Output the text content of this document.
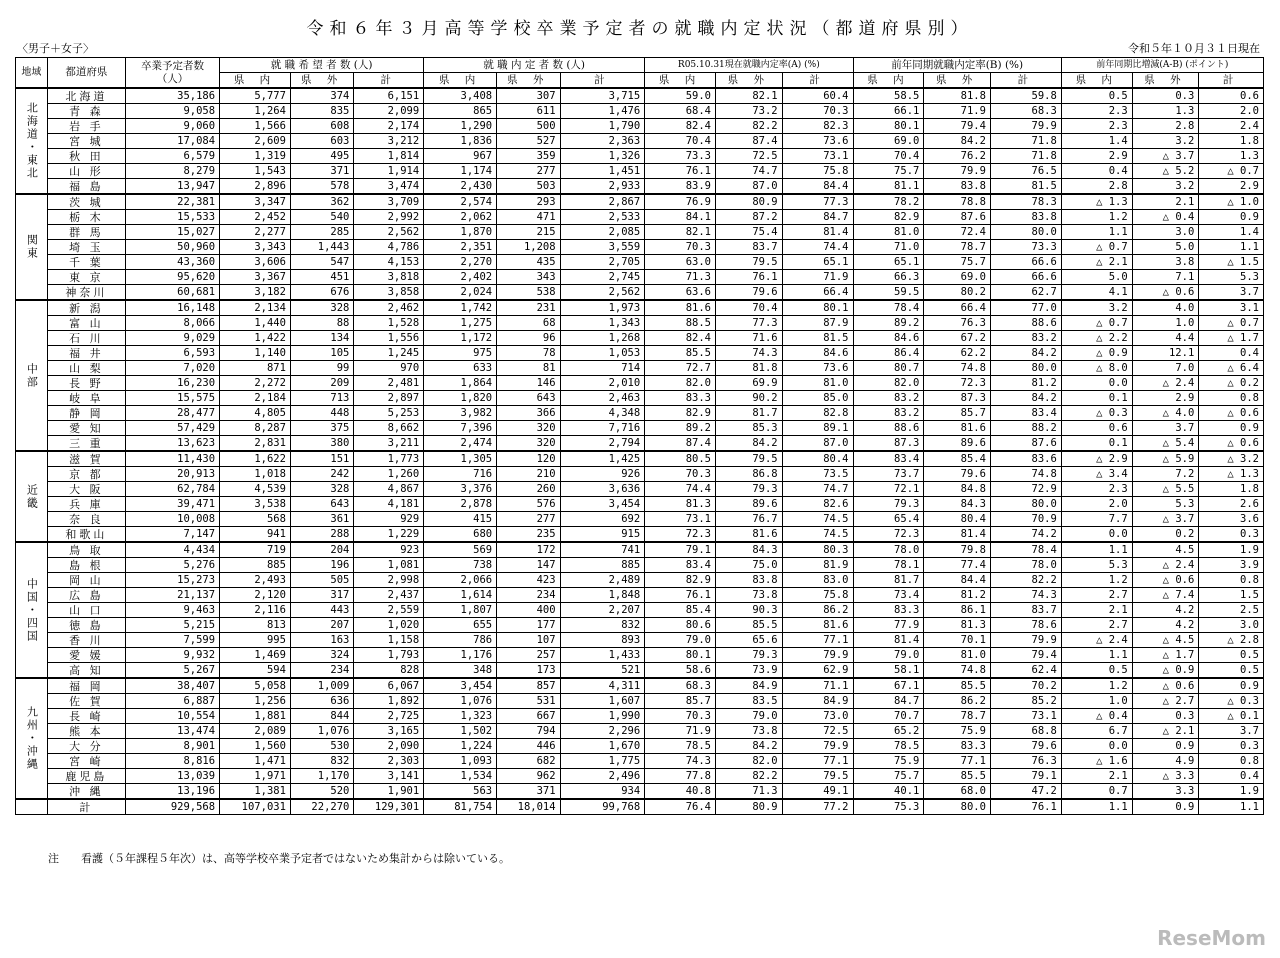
令和６年３月高等学校卒業予定者の就職内定状況（都道府県別）
〈男子＋女子〉	令和５年１０月３１日現在
地域	都道府県	卒業予定者数（人）	就 職 希 望 者 数 (人)			就 職 内 定 者 数 (人)			R05.10.31現在就職内定率(A) (%)			前年同期就職内定率(B) (%)			前年同期比増減(A-B) (ポイント)		
			県 内	県 外	計	県 内	県 外	計	県 内	県 外	計	県 内	県 外	計	県 内	県 外	計
北海道・東北	北海道	35,186	5,777	374	6,151	3,408	307	3,715	59.0	82.1	60.4	58.5	81.8	59.8	0.5	0.3	0.6
	青 森	9,058	1,264	835	2,099	865	611	1,476	68.4	73.2	70.3	66.1	71.9	68.3	2.3	1.3	2.0
	岩 手	9,060	1,566	608	2,174	1,290	500	1,790	82.4	82.2	82.3	80.1	79.4	79.9	2.3	2.8	2.4
	宮 城	17,084	2,609	603	3,212	1,836	527	2,363	70.4	87.4	73.6	69.0	84.2	71.8	1.4	3.2	1.8
	秋 田	6,579	1,319	495	1,814	967	359	1,326	73.3	72.5	73.1	70.4	76.2	71.8	2.9	△ 3.7	1.3
	山 形	8,279	1,543	371	1,914	1,174	277	1,451	76.1	74.7	75.8	75.7	79.9	76.5	0.4	△ 5.2	△ 0.7
	福 島	13,947	2,896	578	3,474	2,430	503	2,933	83.9	87.0	84.4	81.1	83.8	81.5	2.8	3.2	2.9
関東	茨 城	22,381	3,347	362	3,709	2,574	293	2,867	76.9	80.9	77.3	78.2	78.8	78.3	△ 1.3	2.1	△ 1.0
	栃 木	15,533	2,452	540	2,992	2,062	471	2,533	84.1	87.2	84.7	82.9	87.6	83.8	1.2	△ 0.4	0.9
	群 馬	15,027	2,277	285	2,562	1,870	215	2,085	82.1	75.4	81.4	81.0	72.4	80.0	1.1	3.0	1.4
	埼 玉	50,960	3,343	1,443	4,786	2,351	1,208	3,559	70.3	83.7	74.4	71.0	78.7	73.3	△ 0.7	5.0	1.1
	千 葉	43,360	3,606	547	4,153	2,270	435	2,705	63.0	79.5	65.1	65.1	75.7	66.6	△ 2.1	3.8	△ 1.5
	東 京	95,620	3,367	451	3,818	2,402	343	2,745	71.3	76.1	71.9	66.3	69.0	66.6	5.0	7.1	5.3
	神奈川	60,681	3,182	676	3,858	2,024	538	2,562	63.6	79.6	66.4	59.5	80.2	62.7	4.1	△ 0.6	3.7
中部	新 潟	16,148	2,134	328	2,462	1,742	231	1,973	81.6	70.4	80.1	78.4	66.4	77.0	3.2	4.0	3.1
	富 山	8,066	1,440	88	1,528	1,275	68	1,343	88.5	77.3	87.9	89.2	76.3	88.6	△ 0.7	1.0	△ 0.7
	石 川	9,029	1,422	134	1,556	1,172	96	1,268	82.4	71.6	81.5	84.6	67.2	83.2	△ 2.2	4.4	△ 1.7
	福 井	6,593	1,140	105	1,245	975	78	1,053	85.5	74.3	84.6	86.4	62.2	84.2	△ 0.9	12.1	0.4
	山 梨	7,020	871	99	970	633	81	714	72.7	81.8	73.6	80.7	74.8	80.0	△ 8.0	7.0	△ 6.4
	長 野	16,230	2,272	209	2,481	1,864	146	2,010	82.0	69.9	81.0	82.0	72.3	81.2	0.0	△ 2.4	△ 0.2
	岐 阜	15,575	2,184	713	2,897	1,820	643	2,463	83.3	90.2	85.0	83.2	87.3	84.2	0.1	2.9	0.8
	静 岡	28,477	4,805	448	5,253	3,982	366	4,348	82.9	81.7	82.8	83.2	85.7	83.4	△ 0.3	△ 4.0	△ 0.6
	愛 知	57,429	8,287	375	8,662	7,396	320	7,716	89.2	85.3	89.1	88.6	81.6	88.2	0.6	3.7	0.9
	三 重	13,623	2,831	380	3,211	2,474	320	2,794	87.4	84.2	87.0	87.3	89.6	87.6	0.1	△ 5.4	△ 0.6
近畿	滋 賀	11,430	1,622	151	1,773	1,305	120	1,425	80.5	79.5	80.4	83.4	85.4	83.6	△ 2.9	△ 5.9	△ 3.2
	京 都	20,913	1,018	242	1,260	716	210	926	70.3	86.8	73.5	73.7	79.6	74.8	△ 3.4	7.2	△ 1.3
	大 阪	62,784	4,539	328	4,867	3,376	260	3,636	74.4	79.3	74.7	72.1	84.8	72.9	2.3	△ 5.5	1.8
	兵 庫	39,471	3,538	643	4,181	2,878	576	3,454	81.3	89.6	82.6	79.3	84.3	80.0	2.0	5.3	2.6
	奈 良	10,008	568	361	929	415	277	692	73.1	76.7	74.5	65.4	80.4	70.9	7.7	△ 3.7	3.6
	和歌山	7,147	941	288	1,229	680	235	915	72.3	81.6	74.5	72.3	81.4	74.2	0.0	0.2	0.3
中国・四国	鳥 取	4,434	719	204	923	569	172	741	79.1	84.3	80.3	78.0	79.8	78.4	1.1	4.5	1.9
	島 根	5,276	885	196	1,081	738	147	885	83.4	75.0	81.9	78.1	77.4	78.0	5.3	△ 2.4	3.9
	岡 山	15,273	2,493	505	2,998	2,066	423	2,489	82.9	83.8	83.0	81.7	84.4	82.2	1.2	△ 0.6	0.8
	広 島	21,137	2,120	317	2,437	1,614	234	1,848	76.1	73.8	75.8	73.4	81.2	74.3	2.7	△ 7.4	1.5
	山 口	9,463	2,116	443	2,559	1,807	400	2,207	85.4	90.3	86.2	83.3	86.1	83.7	2.1	4.2	2.5
	徳 島	5,215	813	207	1,020	655	177	832	80.6	85.5	81.6	77.9	81.3	78.6	2.7	4.2	3.0
	香 川	7,599	995	163	1,158	786	107	893	79.0	65.6	77.1	81.4	70.1	79.9	△ 2.4	△ 4.5	△ 2.8
	愛 媛	9,932	1,469	324	1,793	1,176	257	1,433	80.1	79.3	79.9	79.0	81.0	79.4	1.1	△ 1.7	0.5
	高 知	5,267	594	234	828	348	173	521	58.6	73.9	62.9	58.1	74.8	62.4	0.5	△ 0.9	0.5
九州・沖縄	福 岡	38,407	5,058	1,009	6,067	3,454	857	4,311	68.3	84.9	71.1	67.1	85.5	70.2	1.2	△ 0.6	0.9
	佐 賀	6,887	1,256	636	1,892	1,076	531	1,607	85.7	83.5	84.9	84.7	86.2	85.2	1.0	△ 2.7	△ 0.3
	長 崎	10,554	1,881	844	2,725	1,323	667	1,990	70.3	79.0	73.0	70.7	78.7	73.1	△ 0.4	0.3	△ 0.1
	熊 本	13,474	2,089	1,076	3,165	1,502	794	2,296	71.9	73.8	72.5	65.2	75.9	68.8	6.7	△ 2.1	3.7
	大 分	8,901	1,560	530	2,090	1,224	446	1,670	78.5	84.2	79.9	78.5	83.3	79.6	0.0	0.9	0.3
	宮 崎	8,816	1,471	832	2,303	1,093	682	1,775	74.3	82.0	77.1	75.9	77.1	76.3	△ 1.6	4.9	0.8
	鹿児島	13,039	1,971	1,170	3,141	1,534	962	2,496	77.8	82.2	79.5	75.7	85.5	79.1	2.1	△ 3.3	0.4
	沖 縄	13,196	1,381	520	1,901	563	371	934	40.8	71.3	49.1	40.1	68.0	47.2	0.7	3.3	1.9
	計	929,568	107,031	22,270	129,301	81,754	18,014	99,768	76.4	80.9	77.2	75.3	80.0	76.1	1.1	0.9	1.1
注　　看護（５年課程５年次）は、高等学校卒業予定者ではないため集計からは除いている。
ReseMom
